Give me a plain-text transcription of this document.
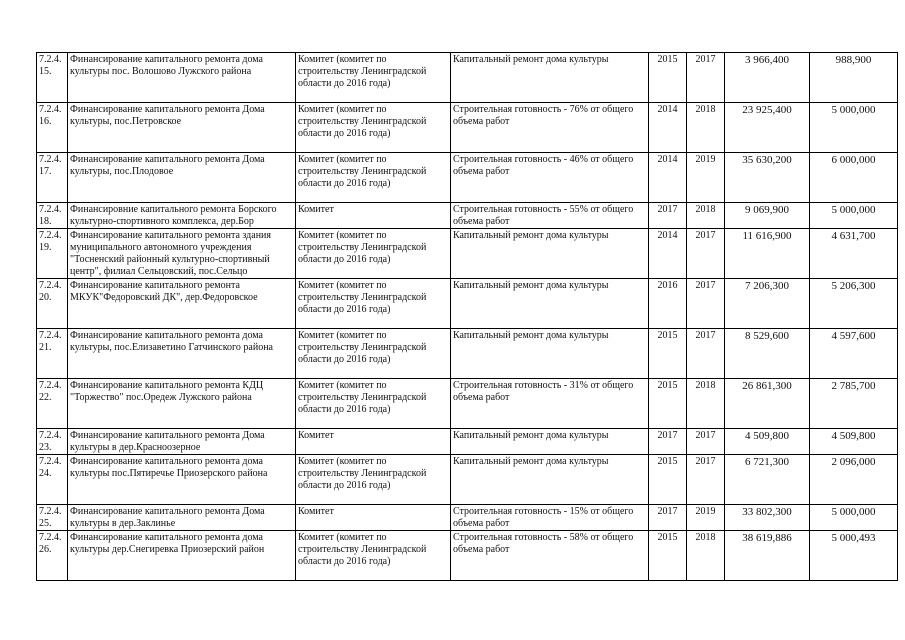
7.2.4. 15.	Финансирование капитального ремонта дома культуры пос. Волошово Лужского района	Комитет (комитет по строительству Ленинградской области до 2016 года)	Капитальный ремонт дома культуры	2015	2017	3 966,400	988,900
7.2.4. 16.	Финансирование капитального ремонта Дома культуры, пос.Петровское	Комитет (комитет по строительству Ленинградской области до 2016 года)	Строительная готовность - 76% от общего объема работ	2014	2018	23 925,400	5 000,000
7.2.4. 17.	Финансирование капитального ремонта Дома культуры, пос.Плодовое	Комитет (комитет по строительству Ленинградской области до 2016 года)	Строительная готовность - 46% от общего объема работ	2014	2019	35 630,200	6 000,000
7.2.4. 18.	Финансировние капитального ремонта Борского культурно-спортивного комплекса, дер.Бор	Комитет	Строительная готовность - 55% от общего объема работ	2017	2018	9 069,900	5 000,000
7.2.4. 19.	Финансирование капитального ремонта здания муниципального автономного учреждения "Тосненский районный культурно-спортивный центр", филиал Сельцовский, пос.Сельцо	Комитет (комитет по строительству Ленинградской области до 2016 года)	Капитальный ремонт дома культуры	2014	2017	11 616,900	4 631,700
7.2.4. 20.	Финансирование капитального ремонта МКУК"Федоровский ДК", дер.Федоровское	Комитет (комитет по строительству Ленинградской области до 2016 года)	Капитальный ремонт дома культуры	2016	2017	7 206,300	5 206,300
7.2.4. 21.	Финансирование капитального ремонта дома культуры, пос.Елизаветино Гатчинского района	Комитет (комитет по строительству Ленинградской области до 2016 года)	Капитальный ремонт дома культуры	2015	2017	8 529,600	4 597,600
7.2.4. 22.	Финансирование капитального ремонта КДЦ "Торжество" пос.Оредеж Лужского района	Комитет (комитет по строительству Ленинградской области до 2016 года)	Строительная готовность - 31% от общего объема работ	2015	2018	26 861,300	2 785,700
7.2.4. 23.	Финансирование капитального ремонта Дома культуры в дер.Красноозерное	Комитет	Капитальный ремонт дома культуры	2017	2017	4 509,800	4 509,800
7.2.4. 24.	Финансирование капитального ремонта дома культуры пос.Пятиречье Приозерского района	Комитет (комитет по строительству Ленинградской области до 2016 года)	Капитальный ремонт дома культуры	2015	2017	6 721,300	2 096,000
7.2.4. 25.	Финансирование капитального ремонта Дома культуры в дер.Заклинье	Комитет	Строительная готовность - 15% от общего объема работ	2017	2019	33 802,300	5 000,000
7.2.4. 26.	Финансирование капитального ремонта дома культуры дер.Снегиревка Приозерский район	Комитет (комитет по строительству Ленинградской области до 2016 года)	Строительная готовность - 58% от общего объема работ	2015	2018	38 619,886	5 000,493
